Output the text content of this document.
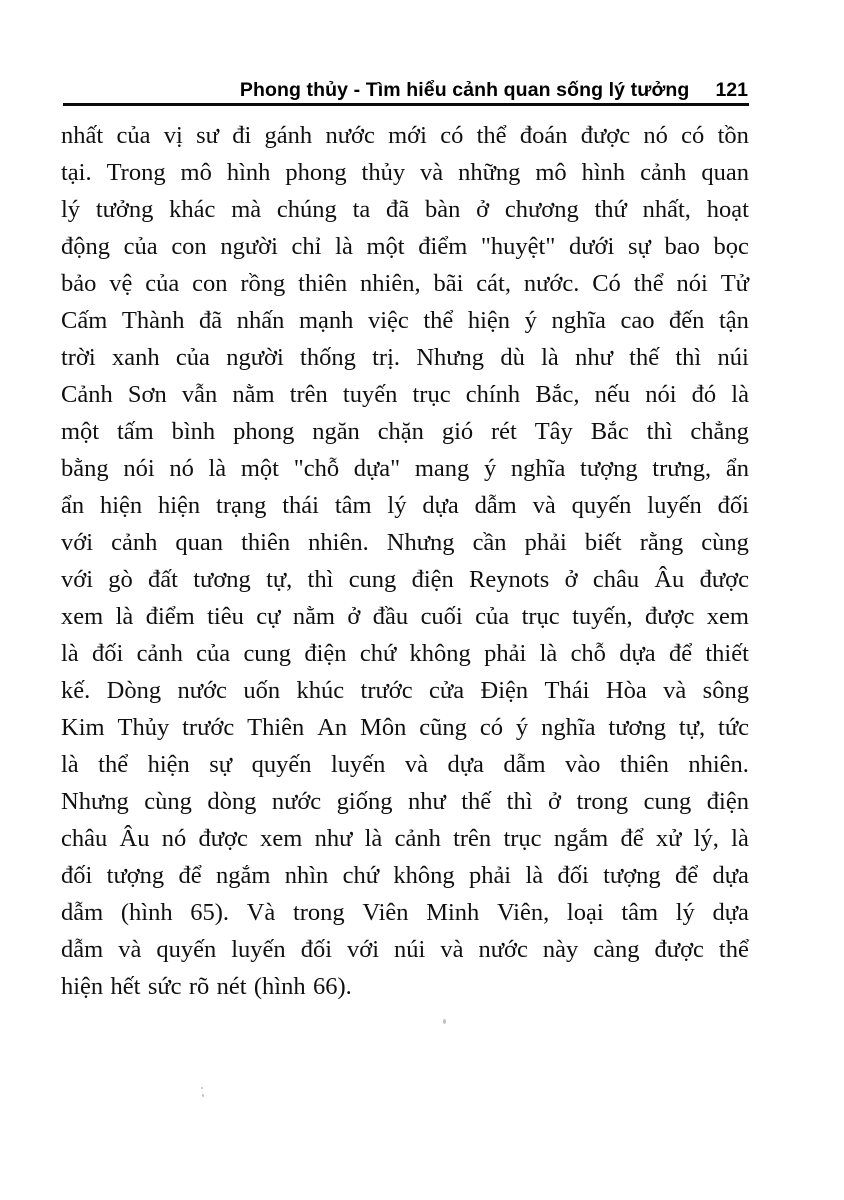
Phong thủy - Tìm hiểu cảnh quan sống lý tưởng 121
nhất của vị sư đi gánh nước mới có thể đoán được nó có tồn
tại. Trong mô hình phong thủy và những mô hình cảnh quan
lý tưởng khác mà chúng ta đã bàn ở chương thứ nhất, hoạt
động của con người chỉ là một điểm "huyệt" dưới sự bao bọc
bảo vệ của con rồng thiên nhiên, bãi cát, nước. Có thể nói Tử
Cấm Thành đã nhấn mạnh việc thể hiện ý nghĩa cao đến tận
trời xanh của người thống trị. Nhưng dù là như thế thì núi
Cảnh Sơn vẫn nằm trên tuyến trục chính Bắc, nếu nói đó là
một tấm bình phong ngăn chặn gió rét Tây Bắc thì chẳng
bằng nói nó là một "chỗ dựa" mang ý nghĩa tượng trưng, ẩn
ẩn hiện hiện trạng thái tâm lý dựa dẫm và quyến luyến đối
với cảnh quan thiên nhiên. Nhưng cần phải biết rằng cùng
với gò đất tương tự, thì cung điện Reynots ở châu Âu được
xem là điểm tiêu cự nằm ở đầu cuối của trục tuyến, được xem
là đối cảnh của cung điện chứ không phải là chỗ dựa để thiết
kế. Dòng nước uốn khúc trước cửa Điện Thái Hòa và sông
Kim Thủy trước Thiên An Môn cũng có ý nghĩa tương tự, tức
là thể hiện sự quyến luyến và dựa dẫm vào thiên nhiên.
Nhưng cùng dòng nước giống như thế thì ở trong cung điện
châu Âu nó được xem như là cảnh trên trục ngắm để xử lý, là
đối tượng để ngắm nhìn chứ không phải là đối tượng để dựa
dẫm (hình 65). Và trong Viên Minh Viên, loại tâm lý dựa
dẫm và quyến luyến đối với núi và nước này càng được thể
hiện hết sức rõ nét (hình 66).
